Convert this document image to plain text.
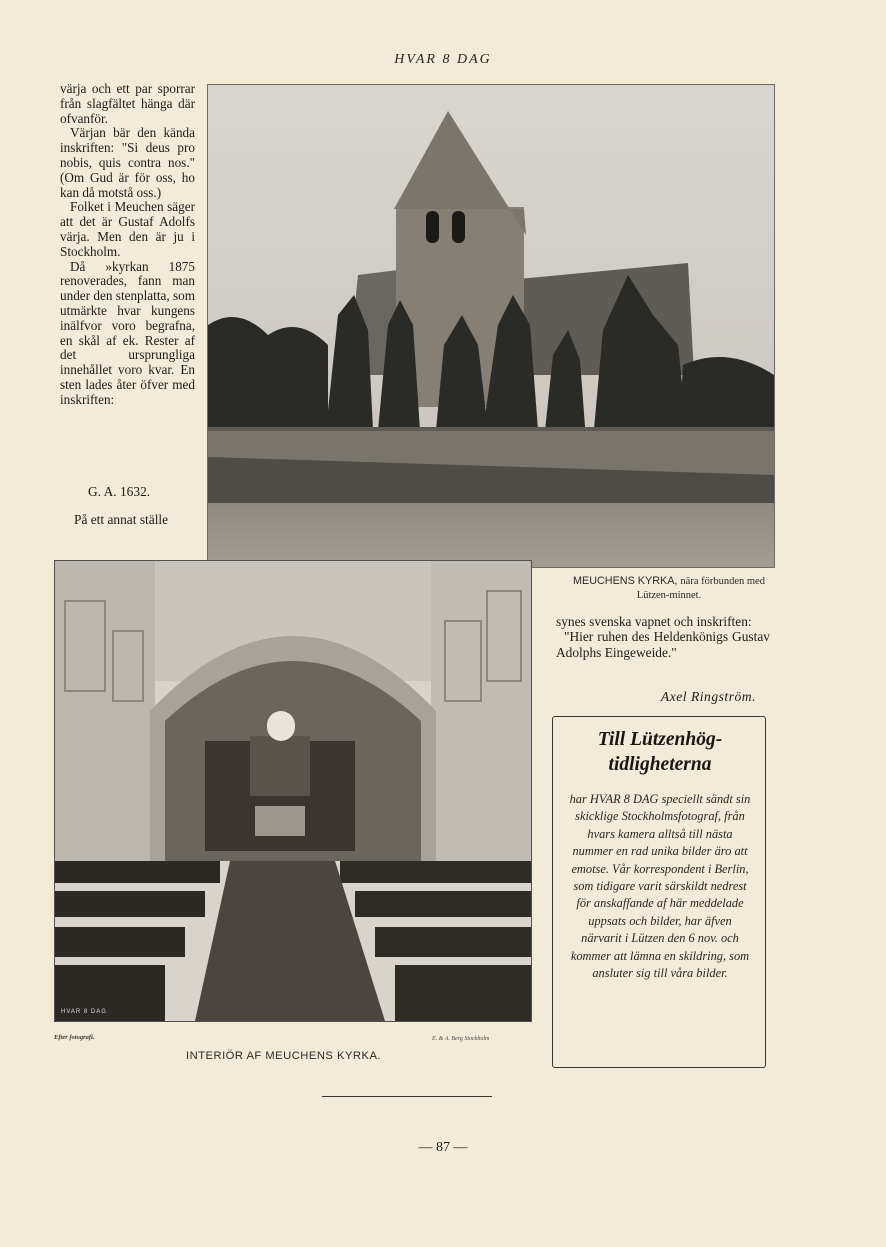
HVAR 8 DAG

värja och ett par sporrar från slagfältet hänga där ofvanför.

Värjan bär den kända inskriften: "Si deus pro nobis, quis contra nos." (Om Gud är för oss, ho kan då motstå oss.)

Folket i Meuchen säger att det är Gustaf Adolfs värja. Men den är ju i Stockholm.

Då »kyrkan 1875 renoverades, fann man under den stenplatta, som utmärkte hvar kungens inälfvor voro begrafna, en skål af ek. Rester af det ursprungliga innehållet voro kvar. En sten lades åter öfver med inskriften:

G. A. 1632.
På ett annat ställe
MEUCHENS KYRKA, nära förbunden med Lützen-minnet.

synes svenska vapnet och inskriften:

"Hier ruhen des Heldenkönigs Gustav Adolphs Eingeweide."

Axel Ringström.
Till Lützenhög-tidligheterna
har HVAR 8 DAG speciellt sändt sin skicklige Stockholmsfotograf, från hvars kamera alltså till nästa nummer en rad unika bilder äro att emotse. Vår korrespondent i Berlin, som tidigare varit särskildt nedrest för anskaffande af här meddelade uppsats och bilder, har äfven närvarit i Lützen den 6 nov. och kommer att lämna en skildring, som ansluter sig till våra bilder.
HVAR 8 DAG
Efter fotografi.	E. & A. Berg Stockholm
INTERIÖR AF MEUCHENS KYRKA.
— 87 —
